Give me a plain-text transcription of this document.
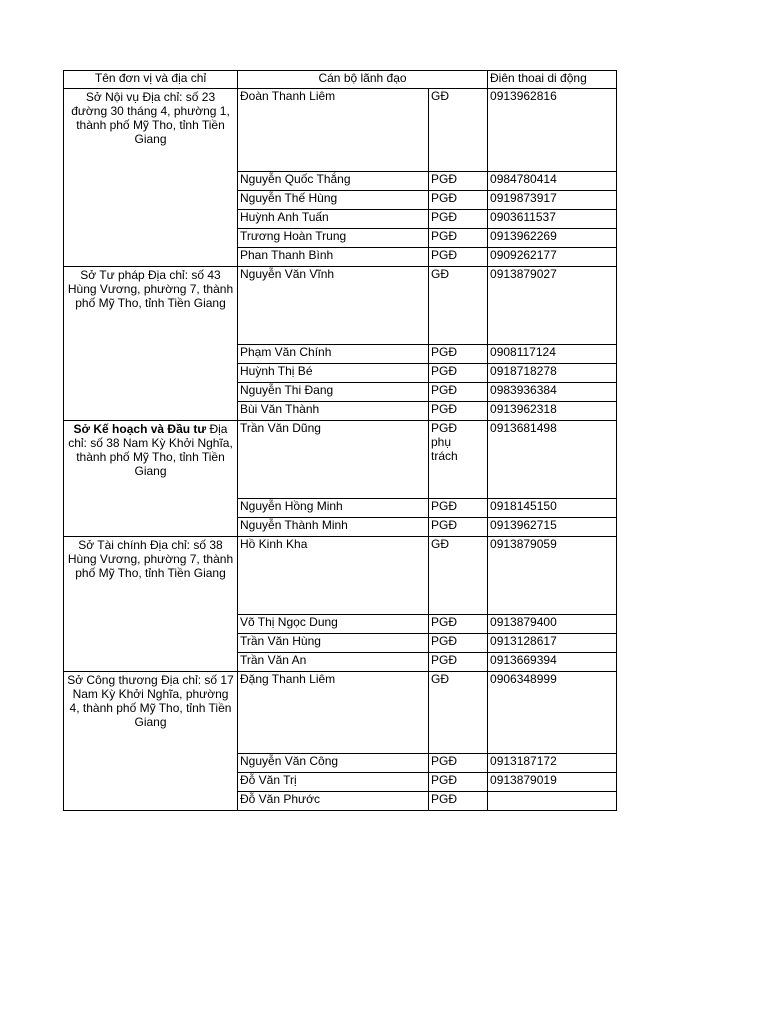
Tên đơn vị và địa chỉ	Cán bộ lãnh đạo		Điên thoai di động
Sở Nội vụ Địa chỉ: số 23 đường 30 tháng 4, phường 1, thành phố Mỹ Tho, tỉnh Tiền Giang	Đoàn Thanh Liêm	GĐ	0913962816
	Nguyễn Quốc Thắng	PGĐ	0984780414
	Nguyễn Thế Hùng	PGĐ	0919873917
	Huỳnh Anh Tuấn	PGĐ	0903611537
	Trương Hoàn Trung	PGĐ	0913962269
	Phan Thanh Bình	PGĐ	0909262177
Sở Tư pháp Địa chỉ: số 43 Hùng Vương, phường 7, thành phố Mỹ Tho, tỉnh Tiền Giang	Nguyễn Văn Vĩnh	GĐ	0913879027
	Phạm Văn Chính	PGĐ	0908117124
	Huỳnh Thị Bé	PGĐ	0918718278
	Nguyễn Thi Đang	PGĐ	0983936384
	Bùi Văn Thành	PGĐ	0913962318
Sở Kế hoạch và Đầu tư Địa chỉ: số 38 Nam Kỳ Khởi Nghĩa, thành phố Mỹ Tho, tỉnh Tiền Giang	Trần Văn Dũng	PGĐ phụ trách	0913681498
	Nguyễn Hồng Minh	PGĐ	0918145150
	Nguyễn Thành Minh	PGĐ	0913962715
Sở Tài chính Địa chỉ: số 38 Hùng Vương, phường 7, thành phố Mỹ Tho, tỉnh Tiền Giang	Hồ Kinh Kha	GĐ	0913879059
	Võ Thị Ngọc Dung	PGĐ	0913879400
	Trần Văn Hùng	PGĐ	0913128617
	Trần Văn An	PGĐ	0913669394
Sở Công thương Địa chỉ: số 17 Nam Kỳ Khởi Nghĩa, phường 4, thành phố Mỹ Tho, tỉnh Tiền Giang	Đặng Thanh Liêm	GĐ	0906348999
	Nguyễn Văn Công	PGĐ	0913187172
	Đỗ Văn Trị	PGĐ	0913879019
	Đỗ Văn Phước	PGĐ	
